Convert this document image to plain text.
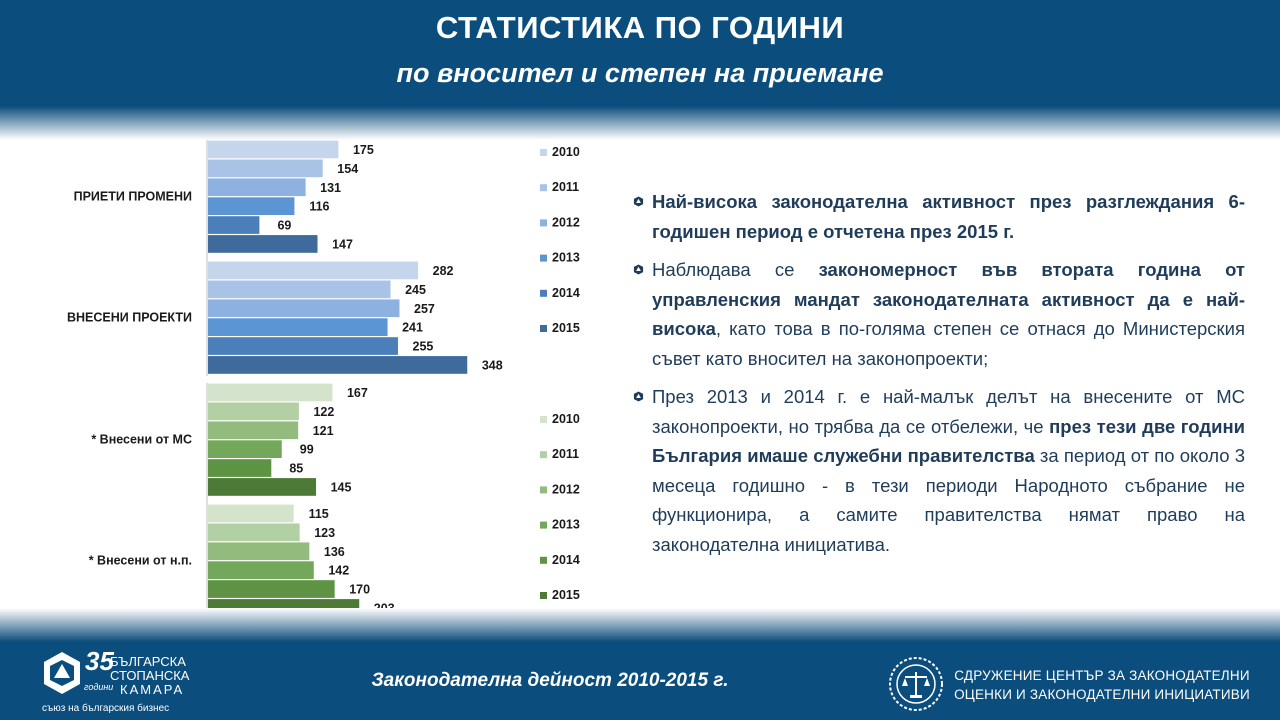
СТАТИСТИКА ПО ГОДИНИ
по вносител и степен на приемане
ПРИЕТИ ПРОМЕНИ
175
154
131
116
69
147
ВНЕСЕНИ ПРОЕКТИ
282
245
257
241
255
348
2010
2011
2012
2013
2014
2015
* Внесени от МС
167
122
121
99
85
145
* Внесени от н.п.
115
123
136
142
170
2010
2011
2012
2013
2014
2015
Най-висока законодателна активност през разглеждания 6-годишен период е отчетена през 2015 г.
Наблюдава се закономерност във втората година от управленския мандат законодателната активност да е най-висока, като това в по-голяма степен се отнася до Министерския съвет като вносител на законопроекти;
През 2013 и 2014 г. е най-малък делът на внесените от МС законопроекти, но трябва да се отбележи, че през тези две години България имаше служебни правителства за период от по около 3 месеца годишно - в тези периоди Народното събрание не функционира, а самите правителства нямат право на законодателна инициатива.
35
БЪЛГАРСКА
СТОПАНСКА
КАМАРА
години
съюз на българския бизнес
Законодателна дейност 2010-2015 г.	СДРУЖЕНИЕ ЦЕНТЪР ЗА ЗАКОНОДАТЕЛНИ
ОЦЕНКИ И ЗАКОНОДАТЕЛНИ ИНИЦИАТИВИ
